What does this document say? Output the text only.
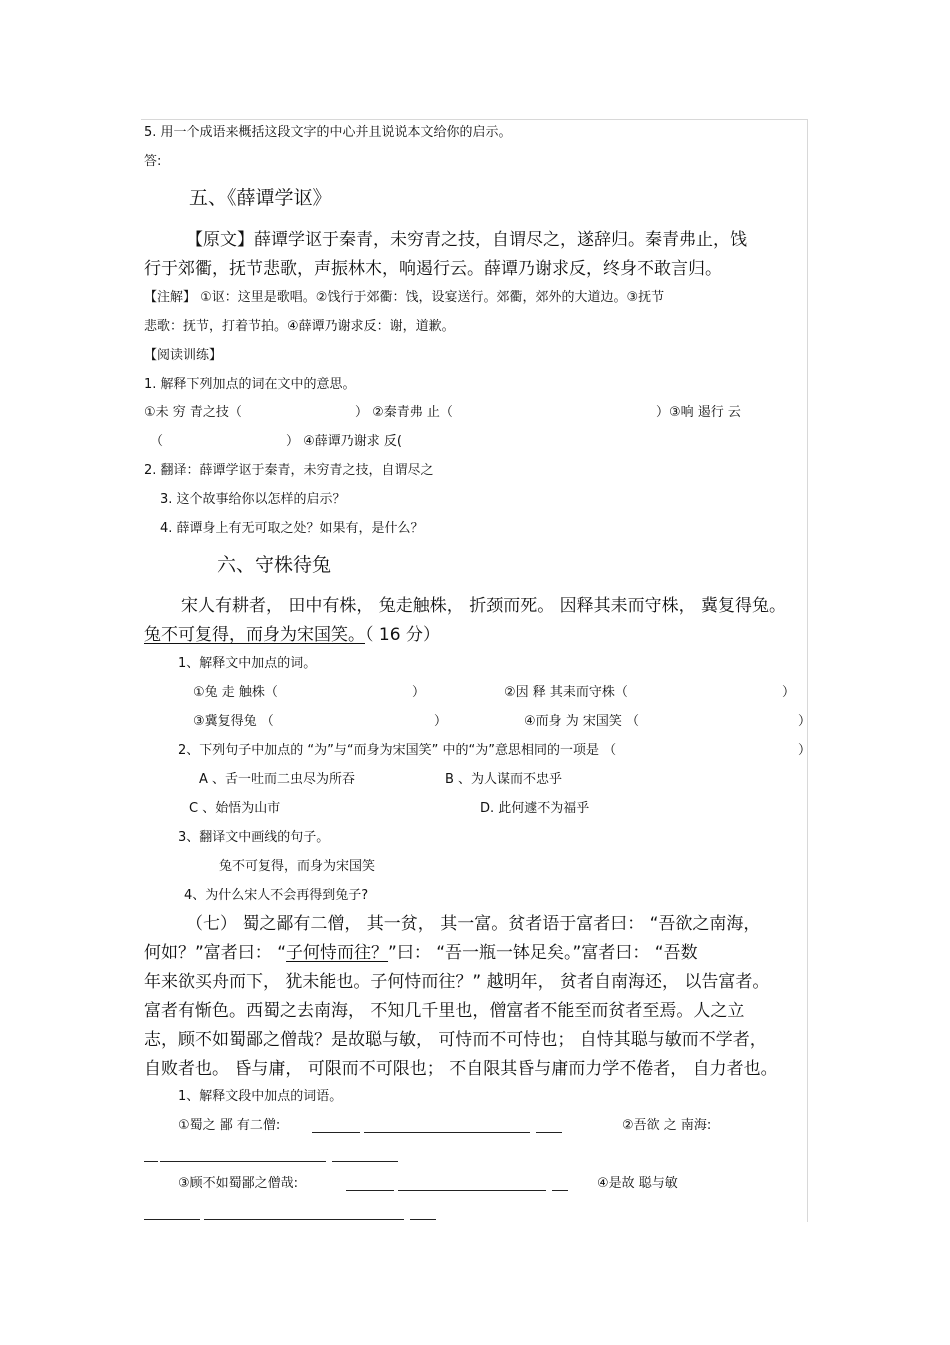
5. 用一个成语来概括这段文字的中心并且说说本文给你的启示。
答:
五、《薛谭学讴》
【原文】薛谭学讴于秦青，未穷青之技，自谓尽之，遂辞归。秦青弗止，饯
行于郊衢，抚节悲歌，声振林木，响遏行云。薛谭乃谢求反，终身不敢言归。
【注解】 ①讴：这里是歌唱。②饯行于郊衢：饯，设宴送行。郊衢，郊外的大道边。③抚节
悲歌：抚节，打着节拍。④薛谭乃谢求反：谢，道歉。
【阅读训练】
1. 解释下列加点的词在文中的意思。
①未 穷 青之技（	） ②秦青弗 止（	）③响 遏行 云
（	） ④薛谭乃谢求 反(
2. 翻译：薛谭学讴于秦青，未穷青之技，自谓尽之
3. 这个故事给你以怎样的启示？
4. 薛谭身上有无可取之处？如果有，是什么？
六、守株待兔
宋人有耕者， 田中有株， 兔走触株， 折颈而死。 因释其耒而守株， 冀复得兔。
兔不可复得，而身为宋国笑。（ 16 分）
1、解释文中加点的词。
①兔 走 触株（	）	②因 释 其耒而守株（	）
③冀复得兔 （	）	④而身 为 宋国笑 （	）
2、下列句子中加点的 “为”与“而身为宋国笑” 中的“为”意思相同的一项是 （	）
A 、舌一吐而二虫尽为所吞	B 、为人谋而不忠乎
C 、始悟为山市	D. 此何遽不为福乎
3、翻译文中画线的句子。
兔不可复得，而身为宋国笑
4、为什么宋人不会再得到兔子?
（七） 蜀之鄙有二僧， 其一贫， 其一富。贫者语于富者曰： “吾欲之南海，
何如？”富者曰： “子何恃而往？”曰： “吾一瓶一钵足矣。”富者曰： “吾数
年来欲买舟而下， 犹未能也。子何恃而往？” 越明年， 贫者自南海还， 以告富者。
富者有惭色。西蜀之去南海， 不知几千里也，僧富者不能至而贫者至焉。人之立
志，顾不如蜀鄙之僧哉？是故聪与敏， 可恃而不可恃也； 自恃其聪与敏而不学者，
自败者也。 昏与庸， 可限而不可限也； 不自限其昏与庸而力学不倦者， 自力者也。
1、解释文段中加点的词语。
①蜀之 鄙 有二僧:	②吾欲 之 南海:
③顾不如蜀鄙之僧哉:	④是故 聪与敏
